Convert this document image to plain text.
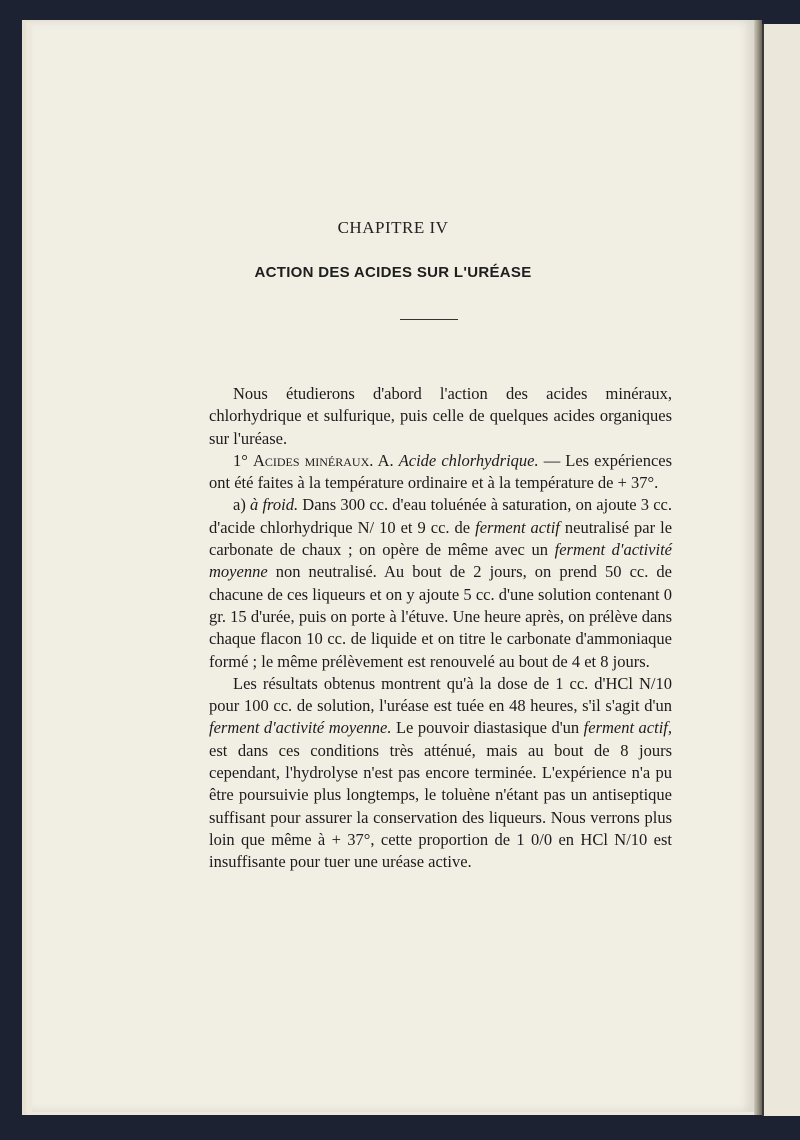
CHAPITRE IV
ACTION DES ACIDES SUR L'URÉASE

Nous étudierons d'abord l'action des acides minéraux, chlorhydrique et sulfurique, puis celle de quelques acides organiques sur l'uréase.

1° Acides minéraux. A. Acide chlorhydrique. — Les expériences ont été faites à la température ordinaire et à la température de + 37°.

a) à froid. Dans 300 cc. d'eau toluénée à saturation, on ajoute 3 cc. d'acide chlorhydrique N/ 10 et 9 cc. de ferment actif neutralisé par le carbonate de chaux ; on opère de même avec un ferment d'activité moyenne non neutralisé. Au bout de 2 jours, on prend 50 cc. de chacune de ces liqueurs et on y ajoute 5 cc. d'une solution contenant 0 gr. 15 d'urée, puis on porte à l'étuve. Une heure après, on prélève dans chaque flacon 10 cc. de liquide et on titre le carbonate d'ammoniaque formé ; le même prélèvement est renouvelé au bout de 4 et 8 jours.

Les résultats obtenus montrent qu'à la dose de 1 cc. d'HCl N/10 pour 100 cc. de solution, l'uréase est tuée en 48 heures, s'il s'agit d'un ferment d'activité moyenne. Le pouvoir diastasique d'un ferment actif, est dans ces conditions très atténué, mais au bout de 8 jours cependant, l'hydrolyse n'est pas encore terminée. L'expérience n'a pu être poursuivie plus longtemps, le toluène n'étant pas un antiseptique suffisant pour assurer la conservation des liqueurs. Nous verrons plus loin que même à + 37°, cette proportion de 1 0/0 en HCl N/10 est insuffisante pour tuer une uréase active.
